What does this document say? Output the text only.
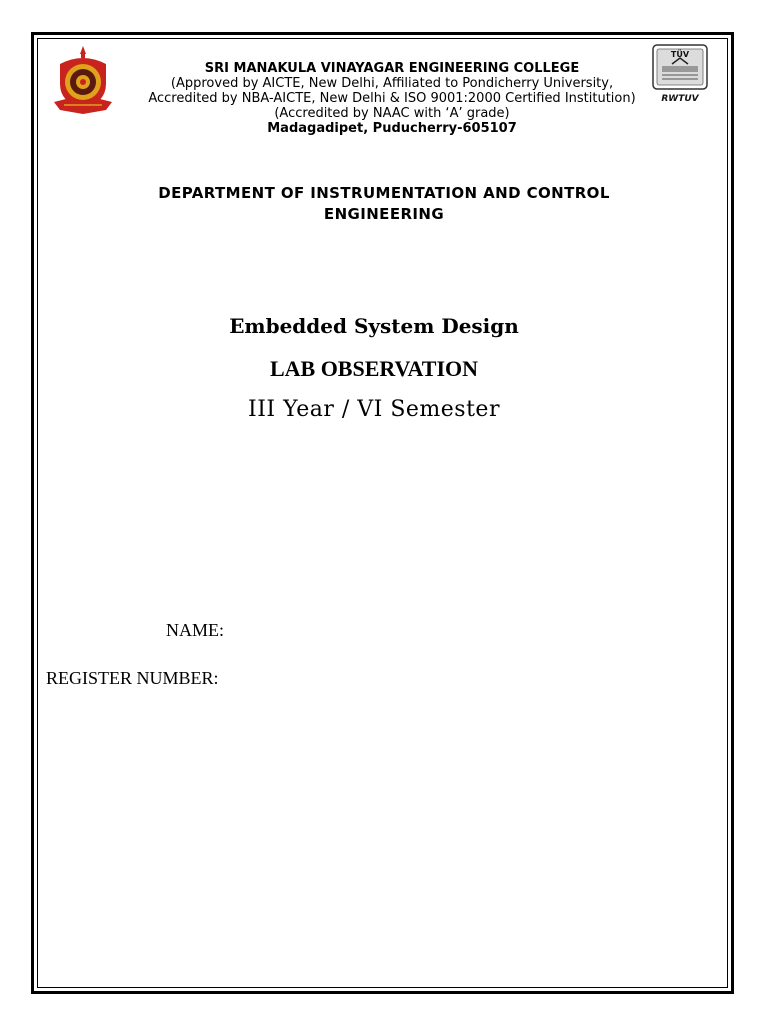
TÜV
RWTUV
SRI MANAKULA VINAYAGAR ENGINEERING COLLEGE
(Approved by AICTE, New Delhi, Affiliated to Pondicherry University,
Accredited by NBA-AICTE, New Delhi & ISO 9001:2000 Certified Institution)
(Accredited by NAAC with ‘A’ grade)
Madagadipet, Puducherry-605107
DEPARTMENT OF INSTRUMENTATION AND CONTROL
ENGINEERING
Embedded System Design
LAB OBSERVATION
III Year / VI Semester
NAME:
REGISTER NUMBER:
